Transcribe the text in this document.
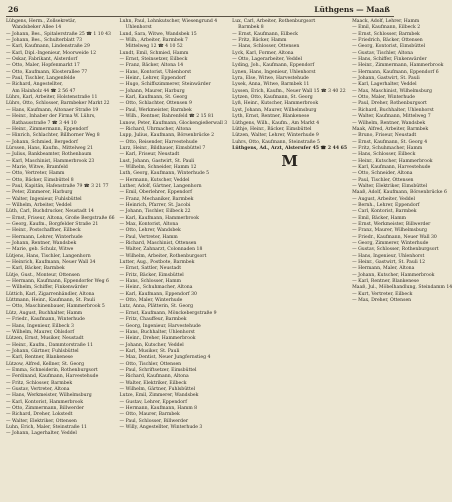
26	Lüthgens — Maaß
Lühgens, Herm., Zollsekretär,
Wandsbeker Allee 14
— Johann, Bes., Spitalerstraße 25 ☎ 1 10 43
— Johann, Bes., Schulterblatt 73
— Karl, Kaufmann, Lindenstraße 29
— Karl, Dipl.-Ingenieur, Moorweide 12
— Oskar, Fabrikant, Alsterdorf
— Otto, Maler, Hopfenmarkt 17
— Otto, Kaufmann, Klosterallee 77
— Paul, Tischler, Langenfelde
— Richard, Angestellter,
Am Hainholz 44 ☎ 2 56 47
Lührs, Karl, Arbeiter, Holstenstraße 11
Lührs, Otto, Schlosser, Barmbeker Markt 22
— Hans, Kaufmann, Altonaer Straße 19
— Heinr., Inhaber der Firma W. Lührs,
Rathausstraße 7 ☎ 3 44 10
— Heinr., Zimmermann, Eppendorf
— Hinrich, Schlachter, Billhorner Weg 8
— Johann, Schmied, Bergedorf
Lürssen, Hans, Kaufm., Mittelweg 21
— Julius, Bankbeamter, Rothenbaum
— Karl, Maschinist, Hammerbrook 23
— Marie, Witwe, Bramfeld
— Otto, Vertreter, Hamm
— Otto, Bäcker, Eimsbüttel 8
— Paul, Kapitän, Hafenstraße 79 ☎ 3 21 77
— Peter, Zimmerer, Harburg
— Walter, Ingenieur, Fuhlsbüttel
— Wilhelm, Arbeiter, Veddel
Lüth, Carl, Buchdrucker, Neustadt 14
— Ernst, Friseur, Altona, Große Bergstraße 66
— Georg, Kaufm., Borgfelder Straße 21
— Heinr., Postschaffner, Eilbeck
— Hermann, Lehrer, Winterhude
— Johann, Rentner, Wandsbek
— Marie, geb. Schulz, Witwe
Lütjens, Hans, Tischler, Langenhorn
— Heinrich, Kaufmann, Neuer Wall 34
— Karl, Bäcker, Barmbek
Lütje, Gust., Monteur, Ottensen
— Hermann, Kaufmann, Eppendorfer Weg 6
— Wilhelm, Schiffer, Finkenwärder
Lüttich, Karl, Zigarrenhändler, Altona
Lüttmann, Heinr., Kaufmann, St. Pauli
— Otto, Maschinenbauer, Hammerbrook 5
Lütz, August, Buchhalter, Hamm
— Friedr., Kaufmann, Winterhude
— Hans, Ingenieur, Eilbeck 3
— Wilhelm, Maurer, Ohlsdorf
Lützen, Ernst, Musiker, Neustadt
— Heinr., Kaufm., Dammtorstraße 11
— Johann, Gärtner, Fuhlsbüttel
— Karl, Rentner, Blankenese
Lützow, Alfred, Kellner, St. Georg
— Emma, Schneiderin, Rothenburgsort
— Ferdinand, Kaufmann, Harvestehude
— Fritz, Schlosser, Barmbek
— Gustav, Vertreter, Altona
— Hans, Werkmeister, Wilhelmsburg
— Karl, Kontorist, Hammerbrook
— Otto, Zimmermann, Billwerder
— Richard, Dreher, Lokstedt
— Walter, Elektriker, Ottensen
Luhn, Erich, Maler, Steinstraße 11
— Johann, Lagerhalter, Veddel
Luhn, Paul, Lohnkutscher, Wiesengrund 4
Uhlenhorst
Lund, Sara, Witwe, Wandsbek 15
— Wilh., Arbeiter, Barmbek 7
Mittelweg 12 ☎ 4 10 52
Lundt, Emil, Schmied, Hamm
— Ernst, Steinsetzer, Eilbeck
— Franz, Bäcker, Altona 14
— Hans, Kontorist, Uhlenhorst
— Heinr., Lehrer, Eppendorf
— Hugo, Schiffszimmerer, Steinwärder
— Johann, Maurer, Harburg
— Karl, Kaufmann, St. Georg
— Otto, Schlachter, Ottensen 9
— Paul, Werkmeister, Barmbek
— Wilh., Rentner, Bahrenfeld ☎ 2 15 81
Lunow, Peter, Kaufmann, Glockengießerwall 3
— Richard, Uhrmacher, Altona
Lupp, Julius, Kaufmann, Börsenbrücke 2
— Otto, Reisender, Harvestehude
Lurz, Heinr., Bildhauer, Eimsbüttel 7
— Karl, Friseur, Neustadt
Lust, Johann, Gastwirt, St. Pauli
— Wilhelm, Schneider, Hamm 12
Luth, Georg, Kaufmann, Winterhude 5
— Hermann, Kutscher, Veddel
Luther, Adolf, Gärtner, Langenhorn
— Emil, Oberlehrer, Eppendorf
— Franz, Mechaniker, Barmbek
— Heinrich, Pfarrer, St. Jacobi
— Johann, Tischler, Eilbeck 22
— Karl, Kaufmann, Hammerbrook
— Max, Kontorist, Altona
— Otto, Lehrer, Wandsbek
— Paul, Vertreter, Hamm
— Richard, Maschinist, Ottensen
— Walter, Zahnarzt, Colonnaden 18
— Wilhelm, Arbeiter, Rothenburgsort
Lutter, Aug., Postbote, Barmbek
— Ernst, Sattler, Neustadt
— Fritz, Bäcker, Eimsbüttel
— Hans, Schlosser, Hamm
— Heinr., Schuhmacher, Altona
— Karl, Kaufmann, Eppendorf 30
— Otto, Maler, Winterhude
Lutz, Anna, Plätterin, St. Georg
— Ernst, Kaufmann, Mönckebergstraße 9
— Fritz, Chauffeur, Barmbek
— Georg, Ingenieur, Harvestehude
— Hans, Buchhalter, Uhlenhorst
— Heinr., Dreher, Hammerbrook
— Johann, Kutscher, Veddel
— Karl, Musiker, St. Pauli
— Max, Dentist, Neuer Jungfernstieg 4
— Otto, Tischler, Ottensen
— Paul, Schriftsetzer, Eimsbüttel
— Richard, Kaufmann, Altona
— Walter, Elektriker, Eilbeck
— Wilhelm, Gärtner, Fuhlsbüttel
Lutze, Emil, Zimmerer, Wandsbek
— Gustav, Lehrer, Eppendorf
— Hermann, Kaufmann, Hamm 8
— Otto, Maurer, Barmbek
— Paul, Schlosser, Billwerder
— Willy, Angestellter, Winterhude 3
Lux, Carl, Arbeiter, Rothenburgsort
Barmbek 8
— Ernst, Kaufmann, Eilbeck
— Fritz, Bäcker, Hamm
— Hans, Schlosser, Ottensen
Lyck, Karl, Former, Altona
— Otto, Lagerarbeiter, Veddel
Lyding, Joh., Kaufmann, Eppendorf
Lynen, Hans, Ingenieur, Uhlenhorst
Lyra, Else, Witwe, Harvestehude
Lysek, Anna, Witwe, Barmbek 11
Lyssen, Erich, Kaufm., Neuer Wall 15 ☎ 3 40 22
Lytzen, Otto, Kaufmann, St. Georg
Lyß, Heinr., Kutscher, Hammerbrook
Lyst, Johann, Maurer, Wilhelmsburg
Lyth, Ernst, Rentner, Blankenese
Lüthgens, Wilh., Kaufm., Am Markt 4
Lüthje, Heinr., Bäcker, Eimsbüttel
Lützen, Walter, Lehrer, Winterhude 9
Luhrs, Otto, Kaufmann, Steinstraße 5
Lüthgens, Ad., Arzt, Alsterufer 45 ☎ 2 44 65
M
Maack, Adolf, Lehrer, Hamm
— Emil, Kaufmann, Eilbeck 2
— Ernst, Schlosser, Barmbek
— Friedrich, Bäcker, Ottensen
— Georg, Kontorist, Eimsbüttel
— Gustav, Tischler, Altona
— Hans, Schiffer, Finkenwärder
— Heinr., Zimmermann, Hammerbrook
— Hermann, Kaufmann, Eppendorf 6
— Johann, Gastwirt, St. Pauli
— Karl, Lagerhalter, Veddel
— Max, Maschinist, Wilhelmsburg
— Otto, Maler, Winterhude
— Paul, Dreher, Rothenburgsort
— Richard, Buchhalter, Uhlenhorst
— Walter, Kaufmann, Mittelweg 7
— Wilhelm, Rentner, Wandsbek
Maak, Alfred, Arbeiter, Barmbek
— Bruno, Friseur, Neustadt
— Ernst, Kaufmann, St. Georg 4
— Fritz, Schuhmacher, Hamm
— Hans, Schlosser, Eilbeck
— Heinr., Kutscher, Hammerbrook
— Karl, Kaufmann, Harvestehude
— Otto, Schneider, Altona
— Paul, Tischler, Ottensen
— Walter, Elektriker, Eimsbüttel
Maaß, Adolf, Kaufmann, Börsenbrücke 6
— August, Arbeiter, Veddel
— Bernh., Lehrer, Eppendorf
— Carl, Kontorist, Barmbek
— Emil, Bäcker, Hamm
— Ernst, Werkmeister, Billwerder
— Franz, Maurer, Wilhelmsburg
— Friedr., Kaufmann, Neuer Wall 30
— Georg, Zimmerer, Winterhude
— Gustav, Schlosser, Rothenburgsort
— Hans, Ingenieur, Uhlenhorst
— Heinr., Gastwirt, St. Pauli 12
— Hermann, Maler, Altona
— Johann, Kutscher, Hammerbrook
— Karl, Rentner, Blankenese
Maaß, Jul., Möbelhandlung, Steindamm 14
— Kurt, Vertreter, Eilbeck
— Max, Dreher, Ottensen
